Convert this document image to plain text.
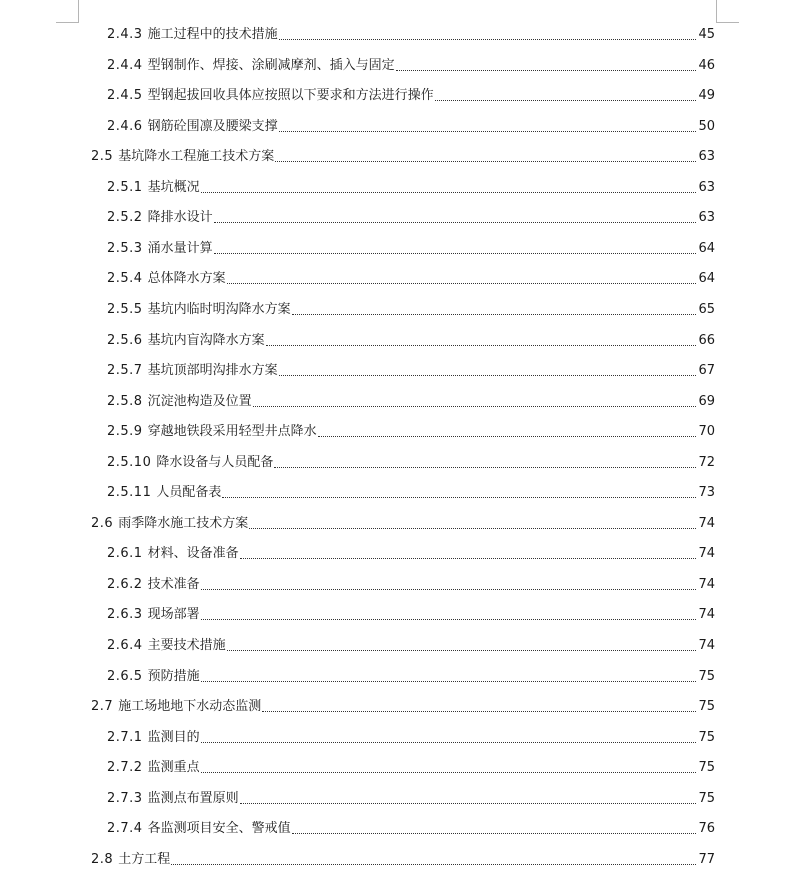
2.4.3 施工过程中的技术措施	45
2.4.4 型钢制作、焊接、涂刷减摩剂、插入与固定	46
2.4.5 型钢起拔回收具体应按照以下要求和方法进行操作	49
2.4.6 钢筋砼围凛及腰梁支撑	50
2.5 基坑降水工程施工技术方案	63
2.5.1 基坑概况	63
2.5.2 降排水设计	63
2.5.3 涌水量计算	64
2.5.4 总体降水方案	64
2.5.5 基坑内临时明沟降水方案	65
2.5.6 基坑内盲沟降水方案	66
2.5.7 基坑顶部明沟排水方案	67
2.5.8 沉淀池构造及位置	69
2.5.9 穿越地铁段采用轻型井点降水	70
2.5.10 降水设备与人员配备	72
2.5.11 人员配备表	73
2.6 雨季降水施工技术方案	74
2.6.1 材料、设备准备	74
2.6.2 技术准备	74
2.6.3 现场部署	74
2.6.4 主要技术措施	74
2.6.5 预防措施	75
2.7 施工场地地下水动态监测	75
2.7.1 监测目的	75
2.7.2 监测重点	75
2.7.3 监测点布置原则	75
2.7.4 各监测项目安全、警戒值	76
2.8 土方工程	77
